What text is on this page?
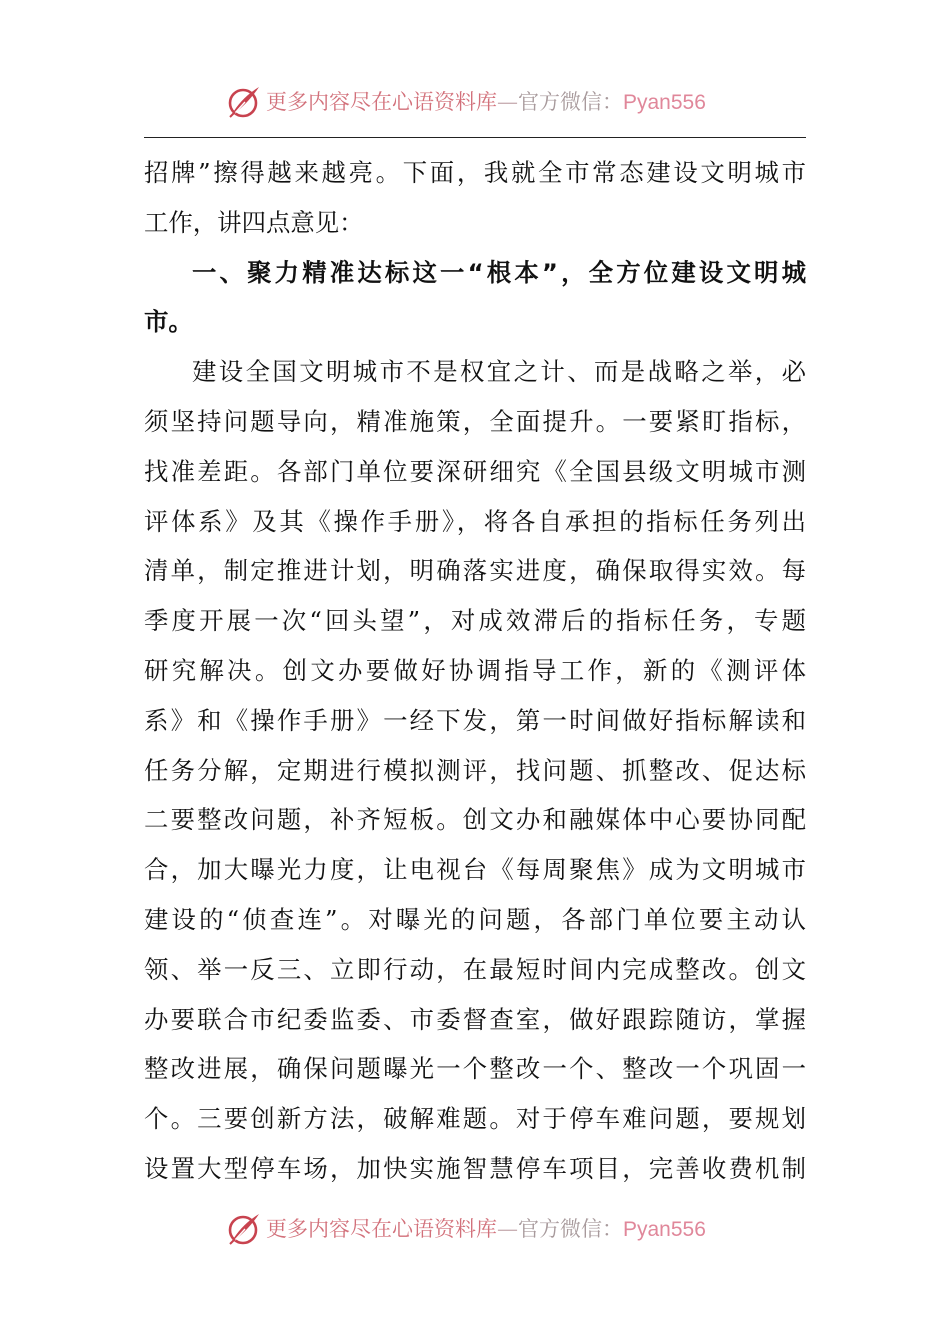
更多内容尽在心语资料库—官方微信：Pyan556
招牌”擦得越来越亮。下面，我就全市常态建设文明城市
工作，讲四点意见：
一、聚力精准达标这一“根本”，全方位建设文明城
市。
建设全国文明城市不是权宜之计、而是战略之举，必
须坚持问题导向，精准施策，全面提升。一要紧盯指标，
找准差距。各部门单位要深研细究《全国县级文明城市测
评体系》及其《操作手册》，将各自承担的指标任务列出
清单，制定推进计划，明确落实进度，确保取得实效。每
季度开展一次“回头望”，对成效滞后的指标任务，专题
研究解决。创文办要做好协调指导工作，新的《测评体
系》和《操作手册》一经下发，第一时间做好指标解读和
任务分解，定期进行模拟测评，找问题、抓整改、促达标
二要整改问题，补齐短板。创文办和融媒体中心要协同配
合，加大曝光力度，让电视台《每周聚焦》成为文明城市
建设的“侦查连”。对曝光的问题，各部门单位要主动认
领、举一反三、立即行动，在最短时间内完成整改。创文
办要联合市纪委监委、市委督查室，做好跟踪随访，掌握
整改进展，确保问题曝光一个整改一个、整改一个巩固一
个。三要创新方法，破解难题。对于停车难问题，要规划
设置大型停车场，加快实施智慧停车项目，完善收费机制
更多内容尽在心语资料库—官方微信：Pyan556
